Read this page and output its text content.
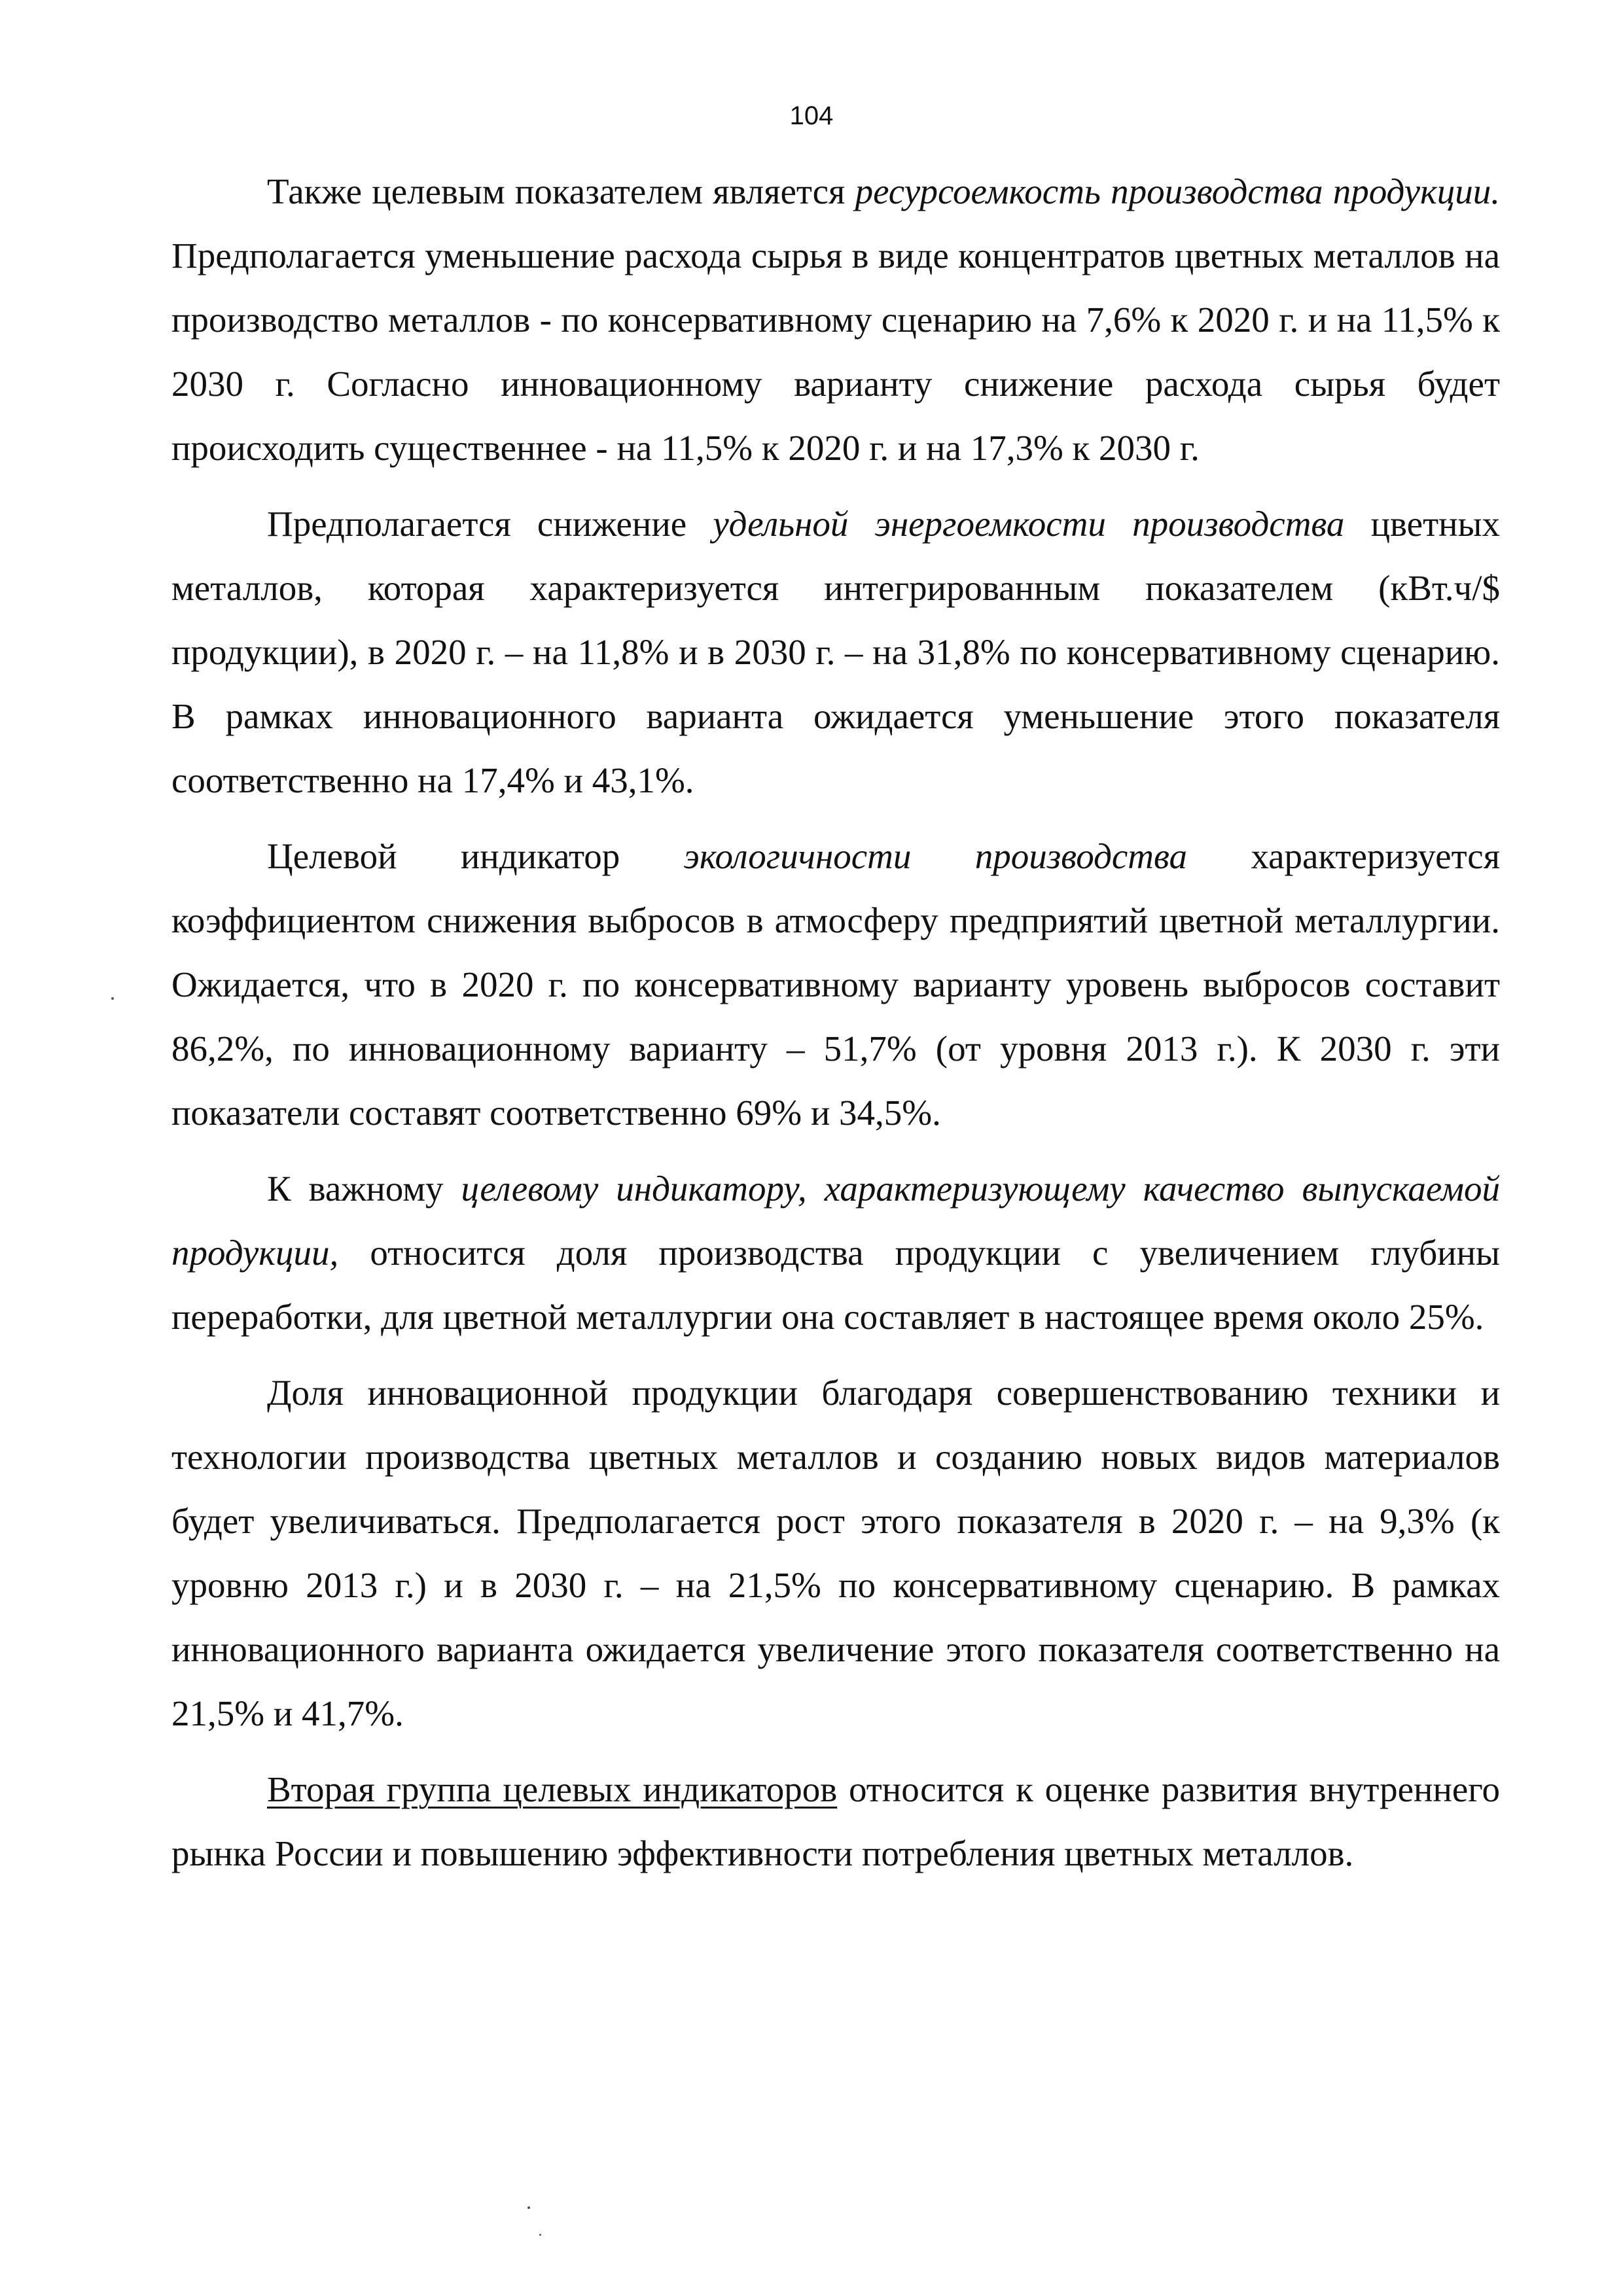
104

Также целевым показателем является ресурсоемкость производства продукции. Предполагается уменьшение расхода сырья в виде концентратов цветных металлов на производство металлов - по консервативному сценарию на 7,6% к 2020 г. и на 11,5% к 2030 г. Согласно инновационному варианту снижение расхода сырья будет происходить существеннее - на 11,5% к 2020 г. и на 17,3% к 2030 г.

Предполагается снижение удельной энергоемкости производства цветных металлов, которая характеризуется интегрированным показателем (кВт.ч/$ продукции), в 2020 г. – на 11,8% и в 2030 г. – на 31,8% по консервативному сценарию. В рамках инновационного варианта ожидается уменьшение этого показателя соответственно на 17,4% и 43,1%.

Целевой индикатор экологичности производства характеризуется коэффициентом снижения выбросов в атмосферу предприятий цветной металлургии. Ожидается, что в 2020 г. по консервативному варианту уровень выбросов составит 86,2%, по инновационному варианту – 51,7% (от уровня 2013 г.). К 2030 г. эти показатели составят соответственно 69% и 34,5%.

К важному целевому индикатору, характеризующему качество выпускаемой продукции, относится доля производства продукции с увеличением глубины переработки, для цветной металлургии она составляет в настоящее время около 25%.

Доля инновационной продукции благодаря совершенствованию техники и технологии производства цветных металлов и созданию новых видов материалов будет увеличиваться. Предполагается рост этого показателя в 2020 г. – на 9,3% (к уровню 2013 г.) и в 2030 г. – на 21,5% по консервативному сценарию. В рамках инновационного варианта ожидается увеличение этого показателя соответственно на 21,5% и 41,7%.

Вторая группа целевых индикаторов относится к оценке развития внутреннего рынка России и повышению эффективности потребления цветных металлов.
